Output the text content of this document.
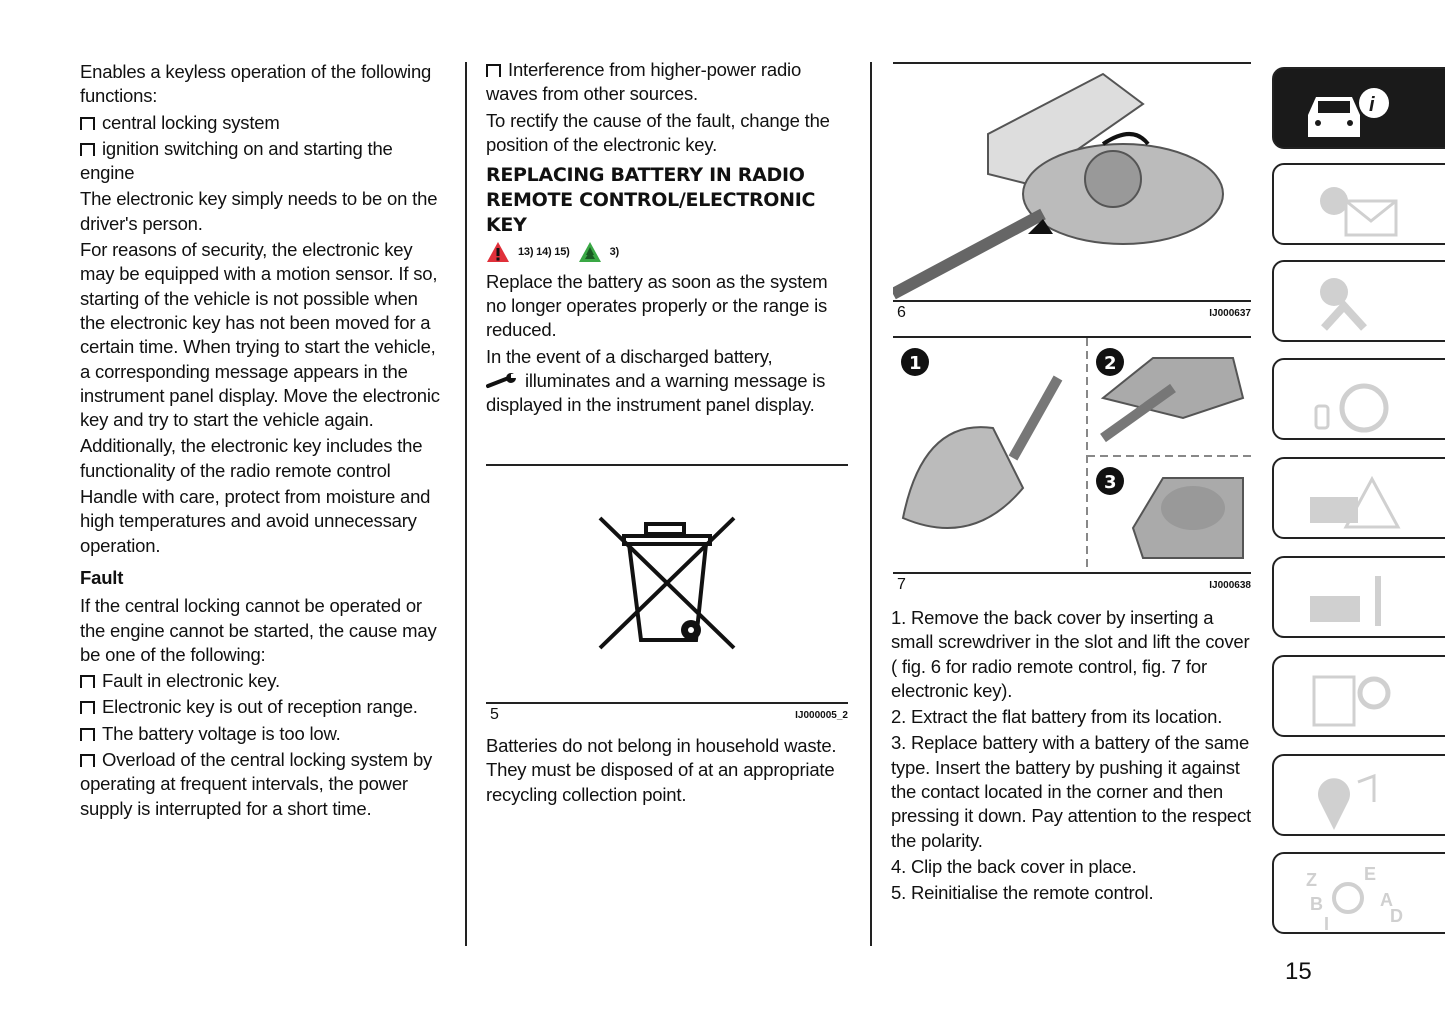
Enables a keyless operation of the following functions:

central locking system

ignition switching on and starting the engine

The electronic key simply needs to be on the driver's person.

For reasons of security, the electronic key may be equipped with a motion sensor. If so, starting of the vehicle is not possible when the electronic key has not been moved for a certain time. When trying to start the vehicle, a corresponding message appears in the instrument panel display. Move the electronic key and try to start the vehicle again.

Additionally, the electronic key includes the functionality of the radio remote control

Handle with care, protect from moisture and high temperatures and avoid unnecessary operation.

Fault

If the central locking cannot be operated or the engine cannot be started, the cause may be one of the following:

Fault in electronic key.

Electronic key is out of reception range.

The battery voltage is too low.

Overload of the central locking system by operating at frequent intervals, the power supply is interrupted for a short time.

Interference from higher-power radio waves from other sources.

To rectify the cause of the fault, change the position of the electronic key.

REPLACING BATTERY IN RADIO REMOTE CONTROL/ELECTRONIC KEY
13) 14) 15)	3)

Replace the battery as soon as the system no longer operates properly or the range is reduced.

In the event of a discharged battery,
illuminates and a warning message is displayed in the instrument panel display.

5	IJ000005_2

Batteries do not belong in household waste. They must be disposed of at an appropriate recycling collection point.

6	IJ000637
1	2
3
7	IJ000638

1. Remove the back cover by inserting a small screwdriver in the slot and lift the cover ( fig. 6 for radio remote control, fig. 7 for electronic key).

2. Extract the flat battery from its location.

3. Replace battery with a battery of the same type. Insert the battery by pushing it against the contact located in the corner and then pressing it down. Pay attention to the respect the polarity.

4. Clip the back cover in place.

5. Reinitialise the remote control.

i
Z	E
B	A
I	D
15
